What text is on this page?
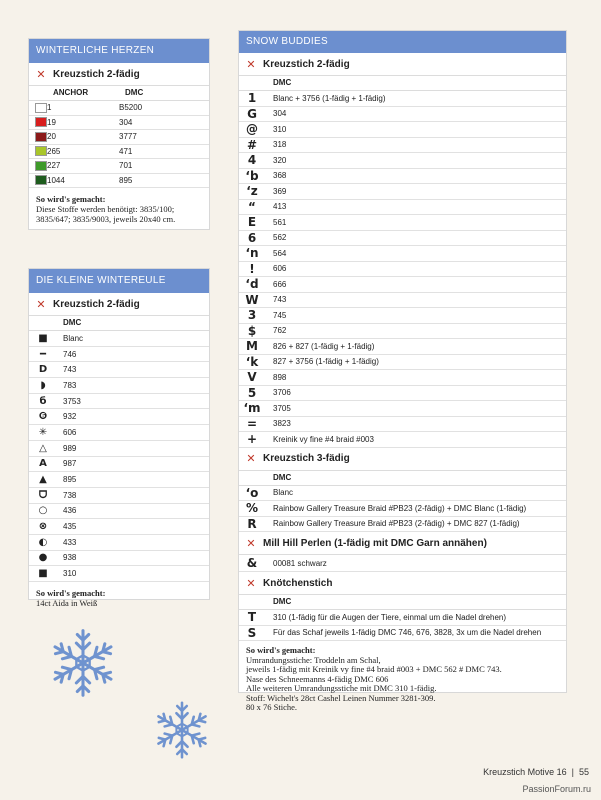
WINTERLICHE HERZEN
✕ Kreuzstich 2-fädig
ANCHOR	DMC
1	B5200
19	304
20	3777
265	471
227	701
1044	895
So wird's gemacht:
Diese Stoffe werden benötigt: 3835/100;
3835/647; 3835/9003, jeweils 20x40 cm.
DIE KLEINE WINTEREULE
✕ Kreuzstich 2-fädig
DMC
■	Blanc
━	746
D	743
◗	783
б	3753
❻	932
✳	606
△	989
A	987
▲	895
ᗜ	738
○	436
⊗	435
◐	433
●	938
■	310
So wird's gemacht:
14ct Aida in Weiß
SNOW BUDDIES
✕ Kreuzstich 2-fädig
DMC
1	Blanc + 3756 (1-fädig + 1-fädig)
G	304
@	310
#	318
4	320
‘b	368
‘z	369
“	413
E	561
6	562
‘n	564
!	606
‘d	666
W	743
3	745
$	762
M	826 + 827 (1-fädig + 1-fädig)
‘k	827 + 3756 (1-fädig + 1-fädig)
V	898
5	3706
‘m	3705
=	3823
+	Kreinik vy fine #4 braid #003
✕ Kreuzstich 3-fädig
DMC
‘o	Blanc
%	Rainbow Gallery Treasure Braid #PB23 (2-fädig) + DMC Blanc (1-fädig)
R	Rainbow Gallery Treasure Braid #PB23 (2-fädig) + DMC 827 (1-fädig)
✕ Mill Hill Perlen (1-fädig mit DMC Garn annähen)
&	00081 schwarz
✕ Knötchenstich
DMC
T	310 (1-fädig für die Augen der Tiere, einmal um die Nadel drehen)
S	Für das Schaf jeweils 1-fädig DMC 746, 676, 3828, 3x um die Nadel drehen
So wird's gemacht:
Umrandungsstiche: Troddeln am Schal,
jeweils 1-fädig mit Kreinik vy fine #4 braid #003 + DMC 562 # DMC 743.
Nase des Schneemanns 4-fädig DMC 606
Alle weiteren Umrandungsstiche mit DMC 310 1-fädig.
Stoff: Wichelt's 28ct Cashel Leinen Nummer 3281-309.
80 x 76 Stiche.
Kreuzstich Motive 16  |  55
PassionForum.ru
